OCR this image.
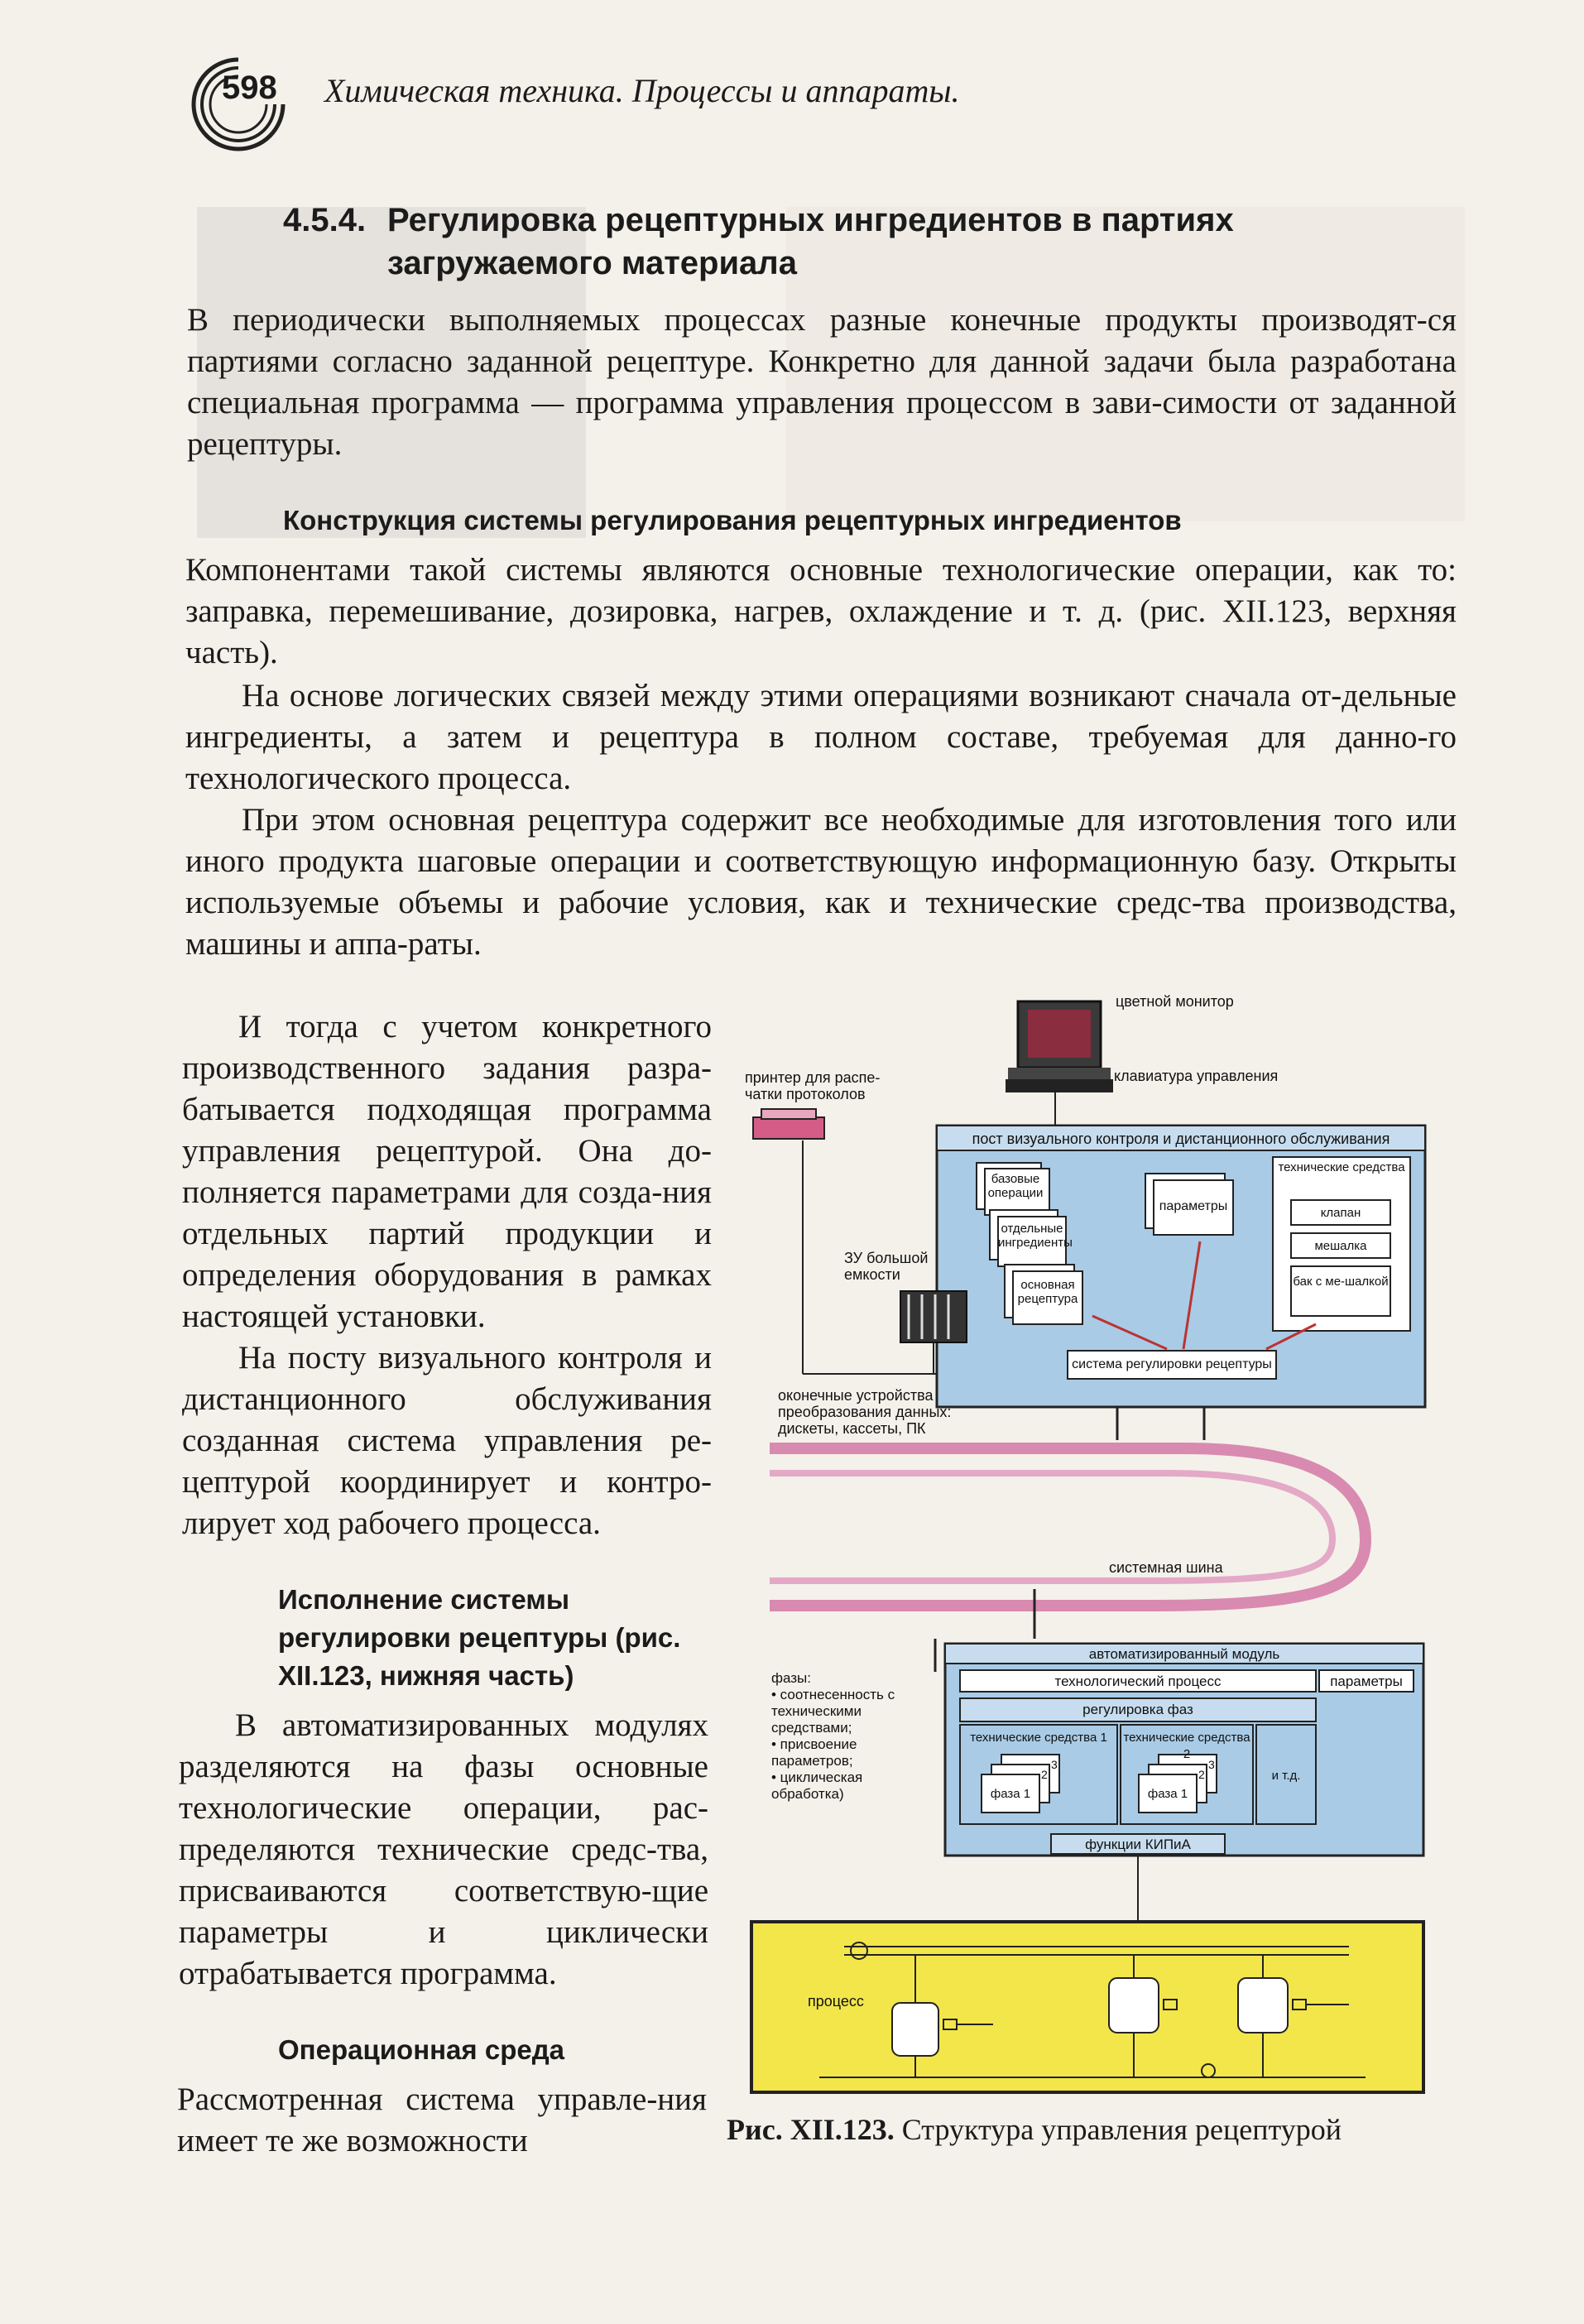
598 Химическая техника. Процессы и аппараты.
4.5.4. Регулировка рецептурных ингредиентов в партиях загружаемого материала
В периодически выполняемых процессах разные конечные продукты производят-ся партиями согласно заданной рецептуре. Конкретно для данной задачи была разработана специальная программа — программа управления процессом в зави-симости от заданной рецептуры.
Конструкция системы регулирования рецептурных ингредиентов
Компонентами такой системы являются основные технологические операции, как то: заправка, перемешивание, дозировка, нагрев, охлаждение и т. д. (рис. XII.123, верхняя часть).
На основе логических связей между этими операциями возникают сначала от-дельные ингредиенты, а затем и рецептура в полном составе, требуемая для данно-го технологического процесса.
При этом основная рецептура содержит все необходимые для изготовления того или иного продукта шаговые операции и соответствующую информационную базу. Открыты используемые объемы и рабочие условия, как и технические средс-тва производства, машины и аппа-раты.
И тогда с учетом конкретного производственного задания разра-батывается подходящая программа управления рецептурой. Она до-полняется параметрами для созда-ния отдельных партий продукции и определения оборудования в рамках настоящей установки.
На посту визуального контроля и дистанционного обслуживания созданная система управления ре-цептурой координирует и контро-лирует ход рабочего процесса.
Исполнение системы регулировки рецептуры (рис. XII.123, нижняя часть)
В автоматизированных модулях разделяются на фазы основные технологические операции, рас-пределяются технические средс-тва, присваиваются соответствую-щие параметры и циклически отрабатывается программа.
Операционная среда
Рассмотренная система управле-ния имеет те же возможности
цветной монитор
клавиатура управления
принтер для распе-чатки протоколов
пост визуального контроля и дистанционного обслуживания
базовые операции
отдельные ингредиенты
основная рецептура
параметры
технические средства
клапан
мешалка
бак с ме-шалкой
ЗУ большой емкости
система регулировки рецептуры
оконечные устройства преобразования данных: дискеты, кассеты, ПК
системная шина
автоматизированный модуль
технологический процесс	параметры
регулировка фаз
технические средства 1	технические средства 2
и т.д.
фаза 1	фаза 1
2
3
2
3
функции КИПиА
фазы:
• соотнесенность с техническими средствами;
• присвоение параметров;
• циклическая обработка)
процесс
Рис. XII.123. Структура управления рецептурой
